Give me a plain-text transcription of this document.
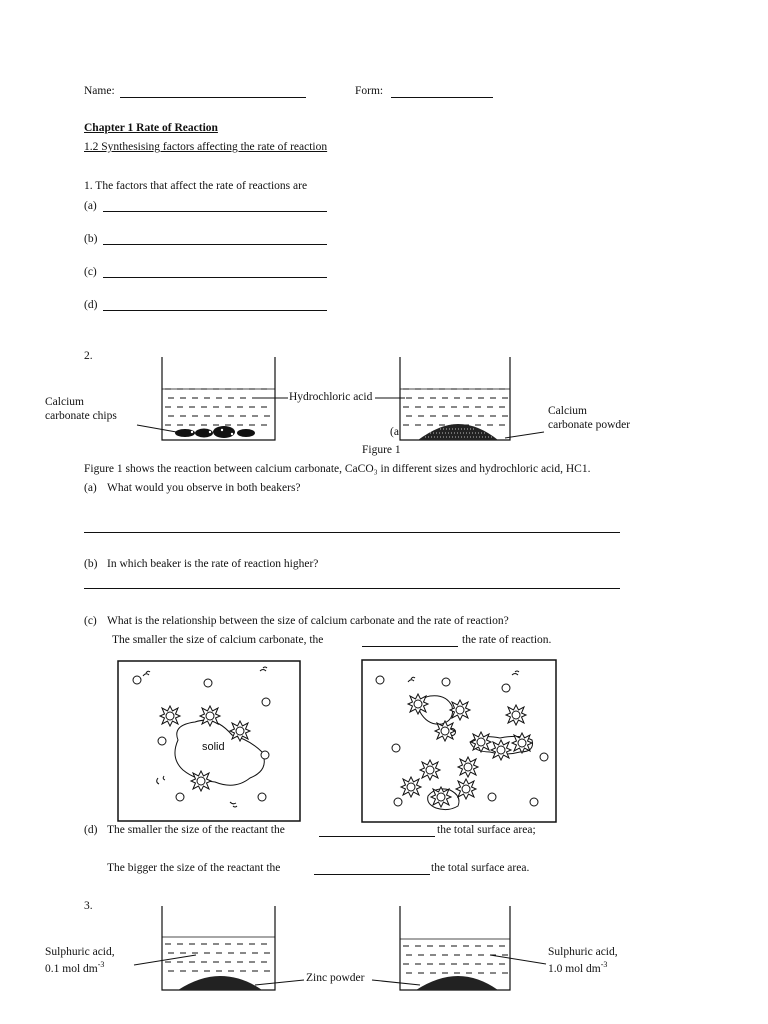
Name:	Form:
Chapter 1 Rate of Reaction
1.2 Synthesising factors affecting the rate of reaction
1. The factors that affect the rate of reactions are
(a)
(b)
(c)
(d)
2.
Calcium
carbonate chips
Hydrochloric acid
(a
Calcium
carbonate powder
Figure 1
Figure 1 shows the reaction between calcium carbonate, CaCO₃ in different sizes and hydrochloric acid, HC1.
(a) What would you observe in both beakers?
(b) In which beaker is the rate of reaction higher?
(c) What is the relationship between the size of calcium carbonate and the rate of reaction?
The smaller the size of calcium carbonate, the	the rate of reaction.
solid
(d) The smaller the size of the reactant the	the total surface area;
The bigger the size of the reactant the	the total surface area.
3.
Sulphuric acid,
0.1 mol $dm^{-3}$
Sulphuric acid,
1.0 mol $dm^{-3}$
Zinc powder
